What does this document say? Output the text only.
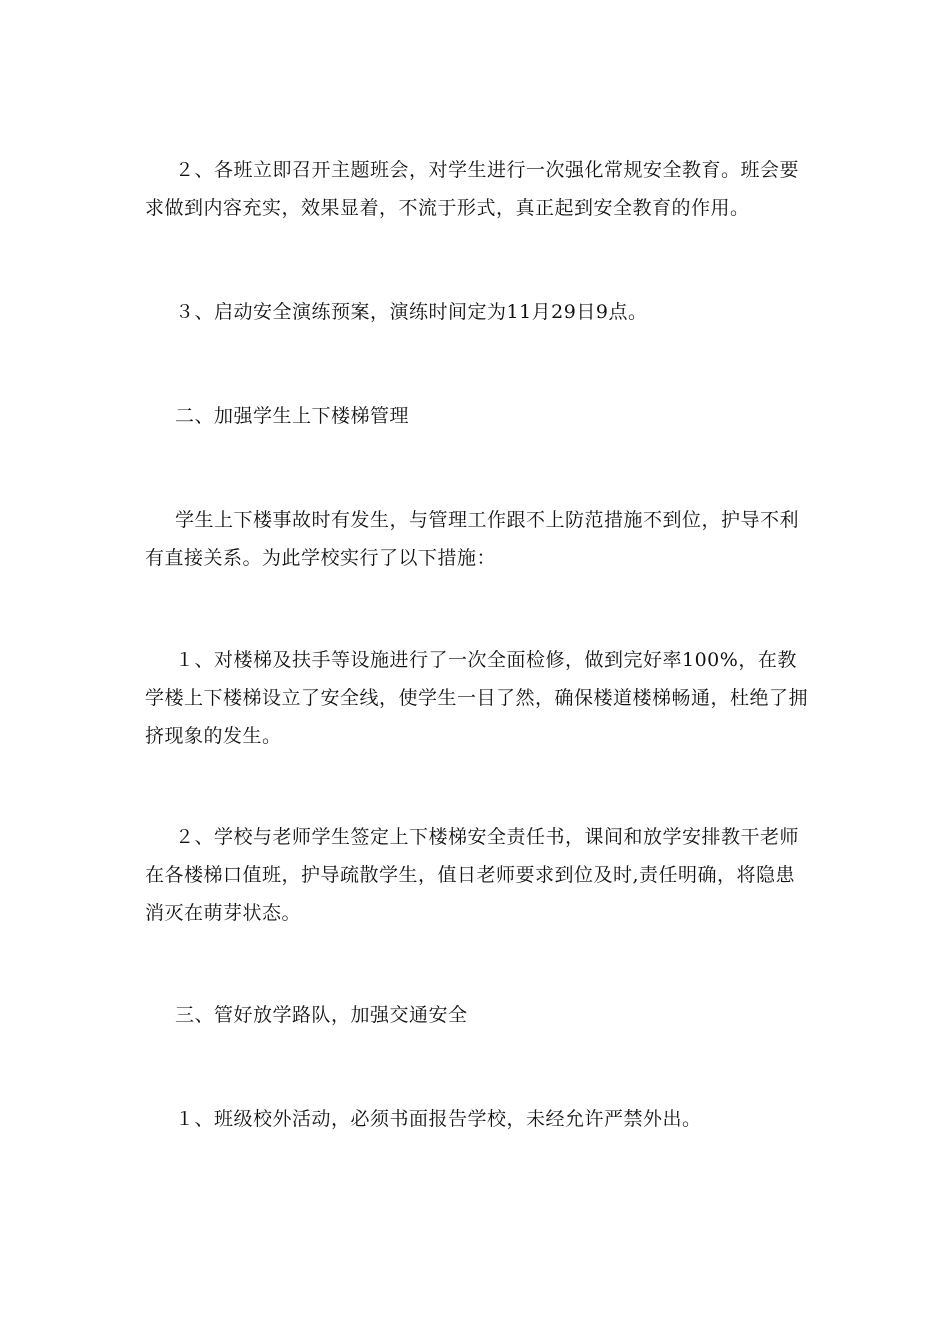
２、各班立即召开主题班会，对学生进行一次强化常规安全教育。班会要求做到内容充实，效果显着，不流于形式，真正起到安全教育的作用。

３、启动安全演练预案，演练时间定为11月29日9点。

二、加强学生上下楼梯管理

学生上下楼事故时有发生，与管理工作跟不上防范措施不到位，护导不利有直接关系。为此学校实行了以下措施：

１、对楼梯及扶手等设施进行了一次全面检修，做到完好率100%，在教学楼上下楼梯设立了安全线，使学生一目了然，确保楼道楼梯畅通，杜绝了拥挤现象的发生。

２、学校与老师学生签定上下楼梯安全责任书，课间和放学安排教干老师在各楼梯口值班，护导疏散学生，值日老师要求到位及时,责任明确，将隐患消灭在萌芽状态。

三、管好放学路队，加强交通安全

１、班级校外活动，必须书面报告学校，未经允许严禁外出。
